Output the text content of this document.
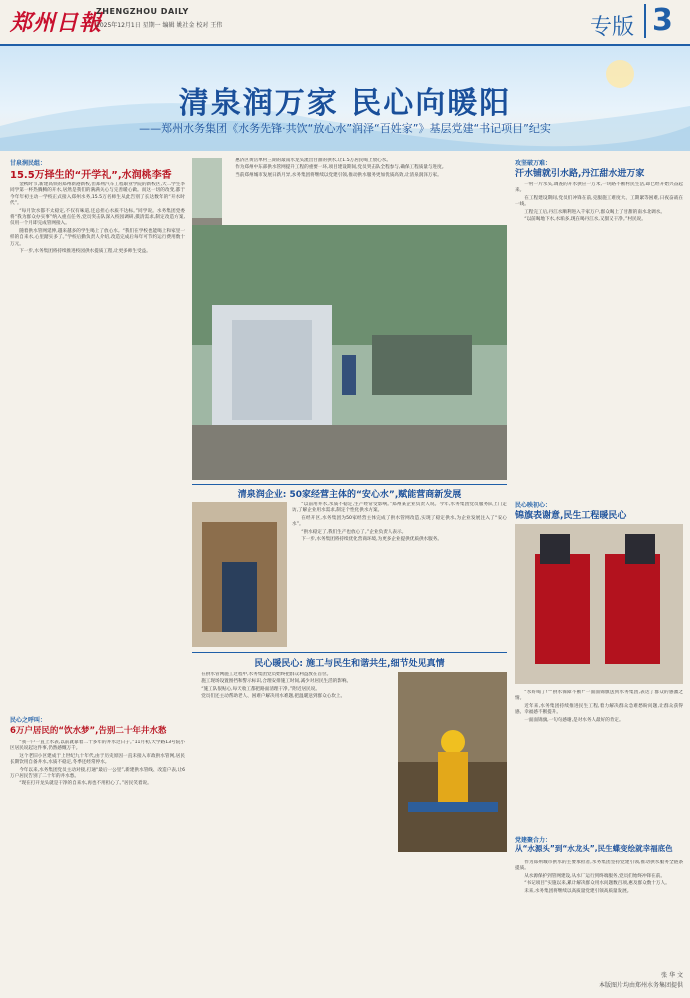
郑州日報
ZHENGZHOU DAILY
2025年12月1日 星期一 编辑 姚社金 校对 王伟	专版 3
清泉润万家 民心向暖阳
——郑州水务集团《水务先锋·共饮“放心水”润泽“百姓家”》基层党建“书记项目”纪实
甘泉润民组：
15.5万择生的“开学礼”,水润桃李香

金秋时节,新建高铁的郑州新港新校,但郑州汽车工程职业学院的新校区,大二学生李同学第一杯热腾腾的开水,居然是我们的满满关心与完善暖心做。而这一切的改变,都于今年年初主动一学校正式接入郑州水务,15.5万名师生从此告别了长达数年的“开水时代”。

“每月饮水都不太稳定,不仅有味道,还总担心水质不达标。”同学说。水务集团党委将“我为群众办实事”纳入重点任务,党员突击队深入校园调研,摸清需求,制定改造方案,仅用一个月即完成管网接入。

随着供水管网延伸,越来越多的学生喝上了放心水。“我们在学校也能喝上和家里一样的自来水,心里踏实多了。”学校后勤负责人介绍,改造完成后每年可节约运行费用数十万元。

下一步,水务集团将持续推进校园供水提质工程,让更多师生受益。

民心之呼叫：
6万户居民的“饮水梦”,告别二十年井水愁

“我一户一直上水表,以前就靠着二十多年的井水过日子。”11月初,大学路13号院小区居民说起这件事,仍然感慨万千。

这个老旧小区建成于上世纪九十年代,由于历史原因一直未接入市政供水管网,居民长期饮用自备井水,水质不稳定,冬季还经常停水。

今年以来,水务集团党员主动对接,打通“最后一公里”,新建供水管线、改造户表,让6万户居民告别了二十年的井水愁。

“现在打开龙头就是干净的自来水,再也不用担心了。”居民笑着说。

惠济区黄岳单村三期的最南水龙头流出甘甜的供水,让1.5万居民喝上放心水。

作为郑州中东部供水管网提升工程的重要一环,项目建设期间,党员突击队全程参与,确保工程质量与进度。

当前郑州城市发展日新月异,水务集团将继续以党建引领,推动供水服务更加优质高效,让清泉润泽万家。

清泉润企业: 50家经营主体的“安心水”,赋能营商新发展

“以前用井水,水质不稳定,生产经常受影响。”郑州某企业负责人说。今年,水务集团党员服务队上门走访,了解企业用水需求,制定个性化供水方案。

在经开区,水务集团为50家经营主体完成了供水管网改造,实现了稳定供水,为企业发展注入了“安心水”。

“供水稳定了,我们生产也放心了。”企业负责人表示。

下一步,水务集团将持续优化营商环境,为更多企业提供优质供水服务。

民心暖民心: 施工与民生和谐共生,细节处见真情

在供水管网施工过程中,水务集团党员始终把群众利益放在首位。

施工现场设置围挡和警示标识,合理安排施工时间,减少对居民生活的影响。

“施工队很贴心,每天收工都把路面清理干净。”附近居民说。

党员们还主动帮助老人、困难户解决用水难题,把温暖送到群众心坎上。

攻坚破万难：
汗水铺就引水路,丹江甜水进万家

一村一片水头,调查的开水供应一万米,一块路不断村民生活,却已经开始兴奋起来。

在工程建设期间,党员们冲锋在前,克服施工难度大、工期紧等困难,日夜奋战在一线。

工程完工后,丹江水顺利进入千家万户,群众喝上了甘甜的南水北调水。

“以前喝地下水,水垢多,现在喝丹江水,又甜又干净。”村民说。

民心映初心：
锦旗表谢意,民生工程暖民心

“水好喝了!”“供水保障不断!”一面面锦旗送到水务集团,表达了群众的感激之情。

近年来,水务集团持续推进民生工程,着力解决群众急难愁盼问题,让群众获得感、幸福感不断提升。

一面面锦旗,一句句感谢,是对水务人最好的肯定。

党建聚合力：
从“水源头”到“水龙头”,民生蝶变绘就幸福底色

作为郑州城市供水的主要承担者,水务集团坚持党建引领,推动供水服务全链条提质。

从水源保护到管网建设,从水厂运行到终端服务,党员们始终冲锋在前。

“书记项目”实施以来,累计解决群众用水问题数百项,惠及群众数十万人。

未来,水务集团将继续以高质量党建引领高质量发展。

张 华 文
本版图片均由郑州水务集团提供
